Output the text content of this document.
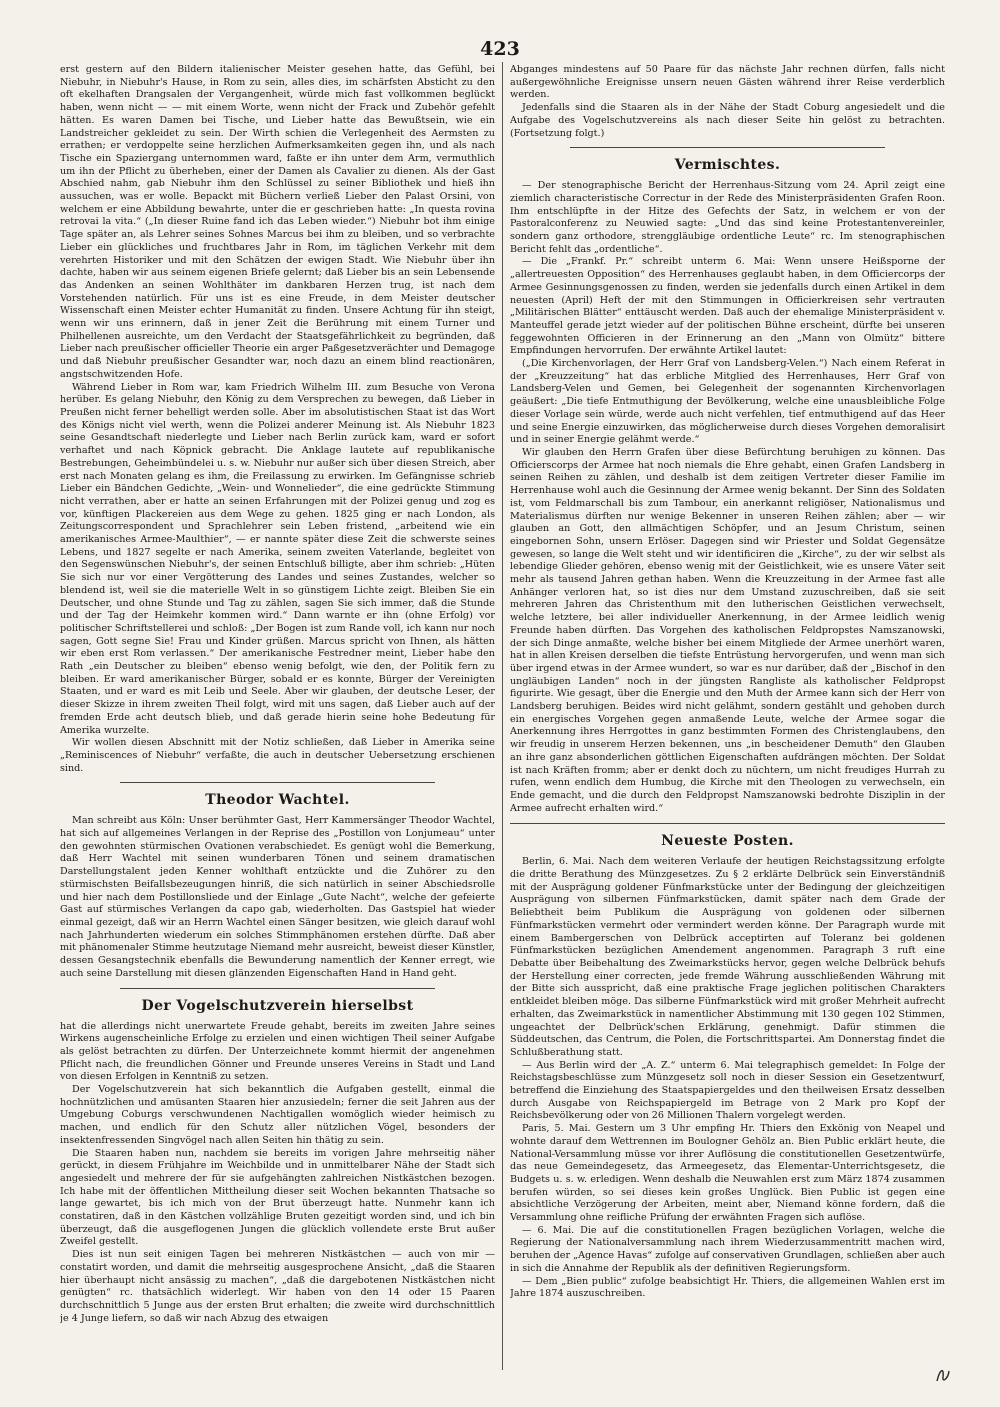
423

erst gestern auf den Bildern italienischer Meister gesehen hatte, das Gefühl, bei Niebuhr, in Niebuhr's Hause, in Rom zu sein, alles dies, im schärfsten Absticht zu den oft ekelhaften Drangsalen der Vergangenheit, würde mich fast vollkommen beglückt haben, wenn nicht — — mit einem Worte, wenn nicht der Frack und Zubehör gefehlt hätten. Es waren Damen bei Tische, und Lieber hatte das Bewußtsein, wie ein Landstreicher gekleidet zu sein. Der Wirth schien die Verlegenheit des Aermsten zu errathen; er verdoppelte seine herzlichen Aufmerksamkeiten gegen ihn, und als nach Tische ein Spaziergang unternommen ward, faßte er ihn unter dem Arm, vermuthlich um ihn der Pflicht zu überheben, einer der Damen als Cavalier zu dienen. Als der Gast Abschied nahm, gab Niebuhr ihm den Schlüssel zu seiner Bibliothek und hieß ihn aussuchen, was er wolle. Bepackt mit Büchern verließ Lieber den Palast Orsini, von welchem er eine Abbildung bewahrte, unter die er geschrieben hatte: „In questa rovina retrovai la vita.“ („In dieser Ruine fand ich das Leben wieder.“) Niebuhr bot ihm einige Tage später an, als Lehrer seines Sohnes Marcus bei ihm zu bleiben, und so verbrachte Lieber ein glückliches und fruchtbares Jahr in Rom, im täglichen Verkehr mit dem verehrten Historiker und mit den Schätzen der ewigen Stadt. Wie Niebuhr über ihn dachte, haben wir aus seinem eigenen Briefe gelernt; daß Lieber bis an sein Lebensende das Andenken an seinen Wohlthäter im dankbaren Herzen trug, ist nach dem Vorstehenden natürlich. Für uns ist es eine Freude, in dem Meister deutscher Wissenschaft einen Meister echter Humanität zu finden. Unsere Achtung für ihn steigt, wenn wir uns erinnern, daß in jener Zeit die Berührung mit einem Turner und Philhellenen ausreichte, um den Verdacht der Staatsgefährlichkeit zu begründen, daß Lieber nach preußischer officieller Theorie ein arger Paßgesetzverächter und Demagoge und daß Niebuhr preußischer Gesandter war, noch dazu an einem blind reactionären, angstschwitzenden Hofe.

Während Lieber in Rom war, kam Friedrich Wilhelm III. zum Besuche von Verona herüber. Es gelang Niebuhr, den König zu dem Versprechen zu bewegen, daß Lieber in Preußen nicht ferner behelligt werden solle. Aber im absolutistischen Staat ist das Wort des Königs nicht viel werth, wenn die Polizei anderer Meinung ist. Als Niebuhr 1823 seine Gesandtschaft niederlegte und Lieber nach Berlin zurück kam, ward er sofort verhaftet und nach Köpnick gebracht. Die Anklage lautete auf republikanische Bestrebungen, Geheimbündelei u. s. w. Niebuhr nur außer sich über diesen Streich, aber erst nach Monaten gelang es ihm, die Freilassung zu erwirken. Im Gefängnisse schrieb Lieber ein Bändchen Gedichte, „Wein- und Wonnelieder“, die eine gedrückte Stimmung nicht verrathen, aber er hatte an seinen Erfahrungen mit der Polizei genug und zog es vor, künftigen Plackereien aus dem Wege zu gehen. 1825 ging er nach London, als Zeitungscorrespondent und Sprachlehrer sein Leben fristend, „arbeitend wie ein amerikanisches Armee-Maulthier“, — er nannte später diese Zeit die schwerste seines Lebens, und 1827 segelte er nach Amerika, seinem zweiten Vaterlande, begleitet von den Segenswünschen Niebuhr's, der seinen Entschluß billigte, aber ihm schrieb: „Hüten Sie sich nur vor einer Vergötterung des Landes und seines Zustandes, welcher so blendend ist, weil sie die materielle Welt in so günstigem Lichte zeigt. Bleiben Sie ein Deutscher, und ohne Stunde und Tag zu zählen, sagen Sie sich immer, daß die Stunde und der Tag der Heimkehr kommen wird.“ Dann warnte er ihn (ohne Erfolg) vor politischer Schriftstellerei und schloß: „Der Bogen ist zum Rande voll, ich kann nur noch sagen, Gott segne Sie! Frau und Kinder grüßen. Marcus spricht von Ihnen, als hätten wir eben erst Rom verlassen.“ Der amerikanische Festredner meint, Lieber habe den Rath „ein Deutscher zu bleiben“ ebenso wenig befolgt, wie den, der Politik fern zu bleiben. Er ward amerikanischer Bürger, sobald er es konnte, Bürger der Vereinigten Staaten, und er ward es mit Leib und Seele. Aber wir glauben, der deutsche Leser, der dieser Skizze in ihrem zweiten Theil folgt, wird mit uns sagen, daß Lieber auch auf der fremden Erde acht deutsch blieb, und daß gerade hierin seine hohe Bedeutung für Amerika wurzelte.

Wir wollen diesen Abschnitt mit der Notiz schließen, daß Lieber in Amerika seine „Reminiscences of Niebuhr“ verfaßte, die auch in deutscher Uebersetzung erschienen sind.

Theodor Wachtel.

Man schreibt aus Köln: Unser berühmter Gast, Herr Kammersänger Theodor Wachtel, hat sich auf allgemeines Verlangen in der Reprise des „Postillon von Lonjumeau“ unter den gewohnten stürmischen Ovationen verabschiedet. Es genügt wohl die Bemerkung, daß Herr Wachtel mit seinen wunderbaren Tönen und seinem dramatischen Darstellungstalent jeden Kenner wohlthaft entzückte und die Zuhörer zu den stürmischsten Beifallsbezeugungen hinriß, die sich natürlich in seiner Abschiedsrolle und hier nach dem Postillonsliede und der Einlage „Gute Nacht“, welche der gefeierte Gast auf stürmisches Verlangen da capo gab, wiederholten. Das Gastspiel hat wieder einmal gezeigt, daß wir an Herrn Wachtel einen Sänger besitzen, wie gleich darauf wohl nach Jahrhunderten wiederum ein solches Stimmphänomen erstehen dürfte. Daß aber mit phänomenaler Stimme heutzutage Niemand mehr ausreicht, beweist dieser Künstler, dessen Gesangstechnik ebenfalls die Bewunderung namentlich der Kenner erregt, wie auch seine Darstellung mit diesen glänzenden Eigenschaften Hand in Hand geht.

Der Vogelschutzverein hierselbst

hat die allerdings nicht unerwartete Freude gehabt, bereits im zweiten Jahre seines Wirkens augenscheinliche Erfolge zu erzielen und einen wichtigen Theil seiner Aufgabe als gelöst betrachten zu dürfen. Der Unterzeichnete kommt hiermit der angenehmen Pflicht nach, die freundlichen Gönner und Freunde unseres Vereins in Stadt und Land von diesen Erfolgen in Kenntniß zu setzen.

Der Vogelschutzverein hat sich bekanntlich die Aufgaben gestellt, einmal die hochnützlichen und amüsanten Staaren hier anzusiedeln; ferner die seit Jahren aus der Umgebung Coburgs verschwundenen Nachtigallen womöglich wieder heimisch zu machen, und endlich für den Schutz aller nützlichen Vögel, besonders der insektenfressenden Singvögel nach allen Seiten hin thätig zu sein.

Die Staaren haben nun, nachdem sie bereits im vorigen Jahre mehrseitig näher gerückt, in diesem Frühjahre im Weichbilde und in unmittelbarer Nähe der Stadt sich angesiedelt und mehrere der für sie aufgehängten zahlreichen Nistkästchen bezogen. Ich habe mit der öffentlichen Mittheilung dieser seit Wochen bekannten Thatsache so lange gewartet, bis ich mich von der Brut überzeugt hatte. Nunmehr kann ich constatiren, daß in den Kästchen vollzählige Bruten gezeitigt worden sind, und ich bin überzeugt, daß die ausgeflogenen Jungen die glücklich vollendete erste Brut außer Zweifel gestellt.

Dies ist nun seit einigen Tagen bei mehreren Nistkästchen — auch von mir — constatirt worden, und damit die mehrseitig ausgesprochene Ansicht, „daß die Staaren hier überhaupt nicht ansässig zu machen“, „daß die dargebotenen Nistkästchen nicht genügten“ rc. thatsächlich widerlegt. Wir haben von den 14 oder 15 Paaren durchschnittlich 5 Junge aus der ersten Brut erhalten; die zweite wird durchschnittlich je 4 Junge liefern, so daß wir nach Abzug des etwaigen

Abganges mindestens auf 50 Paare für das nächste Jahr rechnen dürfen, falls nicht außergewöhnliche Ereignisse unsern neuen Gästen während ihrer Reise verderblich werden.

Jedenfalls sind die Staaren als in der Nähe der Stadt Coburg angesiedelt und die Aufgabe des Vogelschutzvereins als nach dieser Seite hin gelöst zu betrachten. (Fortsetzung folgt.)

Vermischtes.

— Der stenographische Bericht der Herrenhaus-Sitzung vom 24. April zeigt eine ziemlich characteristische Correctur in der Rede des Ministerpräsidenten Grafen Roon. Ihm entschlüpfte in der Hitze des Gefechts der Satz, in welchem er von der Pastoralconferenz zu Neuwied sagte: „Und das sind keine Protestantenvereinler, sondern ganz orthodore, strenggläubige ordentliche Leute“ rc. Im stenographischen Bericht fehlt das „ordentliche“.

— Die „Frankf. Pr.“ schreibt unterm 6. Mai: Wenn unsere Heißsporne der „allertreuesten Opposition“ des Herrenhauses geglaubt haben, in dem Officiercorps der Armee Gesinnungsgenossen zu finden, werden sie jedenfalls durch einen Artikel in dem neuesten (April) Heft der mit den Stimmungen in Officierkreisen sehr vertrauten „Militärischen Blätter“ enttäuscht werden. Daß auch der ehemalige Ministerpräsident v. Manteuffel gerade jetzt wieder auf der politischen Bühne erscheint, dürfte bei unseren feggewohnten Officieren in der Erinnerung an den „Mann von Olmütz“ bittere Empfindungen hervorrufen. Der erwähnte Artikel lautet:

(„Die Kirchenvorlagen, der Herr Graf von Landsberg-Velen.“) Nach einem Referat in der „Kreuzzeitung“ hat das erbliche Mitglied des Herrenhauses, Herr Graf von Landsberg-Velen und Gemen, bei Gelegenheit der sogenannten Kirchenvorlagen geäußert: „Die tiefe Entmuthigung der Bevölkerung, welche eine unausbleibliche Folge dieser Vorlage sein würde, werde auch nicht verfehlen, tief entmuthigend auf das Heer und seine Energie einzuwirken, das möglicherweise durch dieses Vorgehen demoralisirt und in seiner Energie gelähmt werde.“

Wir glauben den Herrn Grafen über diese Befürchtung beruhigen zu können. Das Officierscorps der Armee hat noch niemals die Ehre gehabt, einen Grafen Landsberg in seinen Reihen zu zählen, und deshalb ist dem zeitigen Vertreter dieser Familie im Herrenhause wohl auch die Gesinnung der Armee wenig bekannt. Der Sinn des Soldaten ist, vom Feldmarschall bis zum Tambour, ein anerkannt religiöser, Nationalismus und Materialismus dürften nur wenige Bekenner in unseren Reihen zählen; aber — wir glauben an Gott, den allmächtigen Schöpfer, und an Jesum Christum, seinen eingebornen Sohn, unsern Erlöser. Dagegen sind wir Priester und Soldat Gegensätze gewesen, so lange die Welt steht und wir identificiren die „Kirche“, zu der wir selbst als lebendige Glieder gehören, ebenso wenig mit der Geistlichkeit, wie es unsere Väter seit mehr als tausend Jahren gethan haben. Wenn die Kreuzzeitung in der Armee fast alle Anhänger verloren hat, so ist dies nur dem Umstand zuzuschreiben, daß sie seit mehreren Jahren das Christenthum mit den lutherischen Geistlichen verwechselt, welche letztere, bei aller individueller Anerkennung, in der Armee leidlich wenig Freunde haben dürften. Das Vorgehen des katholischen Feldpropstes Namszanowski, der sich Dinge anmaßte, welche bisher bei einem Mitgliede der Armee unerhört waren, hat in allen Kreisen derselben die tiefste Entrüstung hervorgerufen, und wenn man sich über irgend etwas in der Armee wundert, so war es nur darüber, daß der „Bischof in den ungläubigen Landen“ noch in der jüngsten Rangliste als katholischer Feldpropst figurirte. Wie gesagt, über die Energie und den Muth der Armee kann sich der Herr von Landsberg beruhigen. Beides wird nicht gelähmt, sondern gestählt und gehoben durch ein energisches Vorgehen gegen anmaßende Leute, welche der Armee sogar die Anerkennung ihres Herrgottes in ganz bestimmten Formen des Christenglaubens, den wir freudig in unserem Herzen bekennen, uns „in bescheidener Demuth“ den Glauben an ihre ganz absonderlichen göttlichen Eigenschaften aufdrängen möchten. Der Soldat ist nach Kräften fromm; aber er denkt doch zu nüchtern, um nicht freudiges Hurrah zu rufen, wenn endlich dem Humbug, die Kirche mit den Theologen zu verwechseln, ein Ende gemacht, und die durch den Feldpropst Namszanowski bedrohte Disziplin in der Armee aufrecht erhalten wird.“

Neueste Posten.

Berlin, 6. Mai. Nach dem weiteren Verlaufe der heutigen Reichstagssitzung erfolgte die dritte Berathung des Münzgesetzes. Zu § 2 erklärte Delbrück sein Einverständniß mit der Ausprägung goldener Fünfmarkstücke unter der Bedingung der gleichzeitigen Ausprägung von silbernen Fünfmarkstücken, damit später nach dem Grade der Beliebtheit beim Publikum die Ausprägung von goldenen oder silbernen Fünfmarkstücken vermehrt oder vermindert werden könne. Der Paragraph wurde mit einem Bambergerschen von Delbrück acceptirten auf Toleranz bei goldenen Fünfmarkstücken bezüglichen Amendement angenommen. Paragraph 3 ruft eine Debatte über Beibehaltung des Zweimarkstücks hervor, gegen welche Delbrück behufs der Herstellung einer correcten, jede fremde Währung ausschließenden Währung mit der Bitte sich ausspricht, daß eine praktische Frage jeglichen politischen Charakters entkleidet bleiben möge. Das silberne Fünfmarkstück wird mit großer Mehrheit aufrecht erhalten, das Zweimarkstück in namentlicher Abstimmung mit 130 gegen 102 Stimmen, ungeachtet der Delbrück'schen Erklärung, genehmigt. Dafür stimmen die Süddeutschen, das Centrum, die Polen, die Fortschrittspartei. Am Donnerstag findet die Schlußberathung statt.

— Aus Berlin wird der „A. Z.“ unterm 6. Mai telegraphisch gemeldet: In Folge der Reichstagsbeschlüsse zum Münzgesetz soll noch in dieser Session ein Gesetzentwurf, betreffend die Einziehung des Staatspapiergeldes und den theilweisen Ersatz desselben durch Ausgabe von Reichspapiergeld im Betrage von 2 Mark pro Kopf der Reichsbevölkerung oder von 26 Millionen Thalern vorgelegt werden.

Paris, 5. Mai. Gestern um 3 Uhr empfing Hr. Thiers den Exkönig von Neapel und wohnte darauf dem Wettrennen im Boulogner Gehölz an. Bien Public erklärt heute, die National-Versammlung müsse vor ihrer Auflösung die constitutionellen Gesetzentwürfe, das neue Gemeindegesetz, das Armeegesetz, das Elementar-Unterrichtsgesetz, die Budgets u. s. w. erledigen. Wenn deshalb die Neuwahlen erst zum März 1874 zusammen berufen würden, so sei dieses kein großes Unglück. Bien Public ist gegen eine absichtliche Verzögerung der Arbeiten, meint aber, Niemand könne fordern, daß die Versammlung ohne reifliche Prüfung der erwähnten Fragen sich auflöse.

— 6. Mai. Die auf die constitutionellen Fragen bezüglichen Vorlagen, welche die Regierung der Nationalversammlung nach ihrem Wiederzusammentritt machen wird, beruhen der „Agence Havas“ zufolge auf conservativen Grundlagen, schließen aber auch in sich die Annahme der Republik als der definitiven Regierungsform.

— Dem „Bien public“ zufolge beabsichtigt Hr. Thiers, die allgemeinen Wahlen erst im Jahre 1874 auszuschreiben.
